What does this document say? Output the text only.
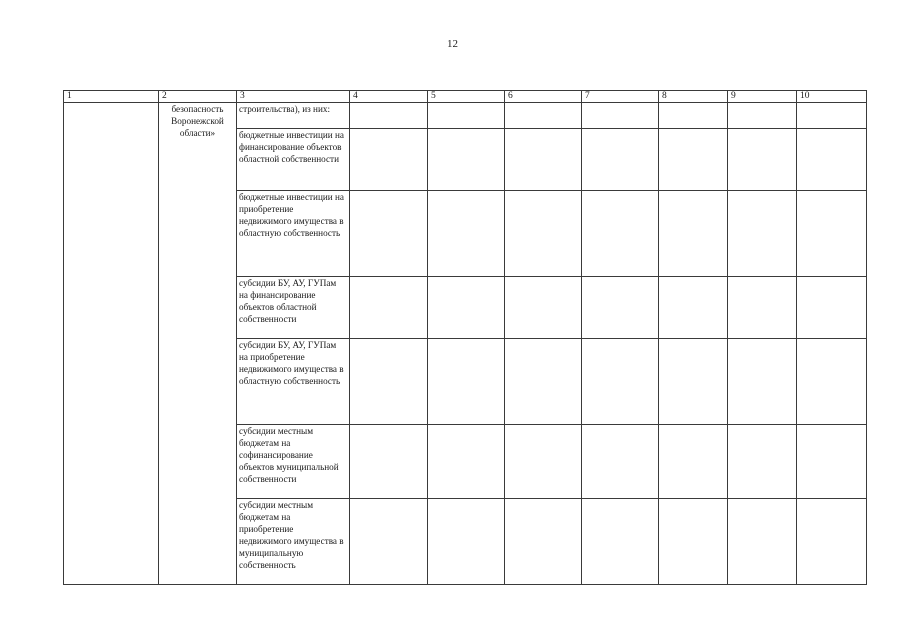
12
1	2	3	4	5	6	7	8	9	10
	безопасность Воронежской области»	строительства), из них:							
		бюджетные инвестиции на финансирование объектов областной собственности							
		бюджетные инвестиции на приобретение недвижимого имущества в областную собственность							
		субсидии БУ, АУ, ГУПам на финансирование объектов областной собственности							
		субсидии БУ, АУ, ГУПам на приобретение недвижимого имущества в областную собственность							
		субсидии местным бюджетам на софинансирование объектов муниципальной собственности							
		субсидии местным бюджетам на приобретение недвижимого имущества в муниципальную собственность							
